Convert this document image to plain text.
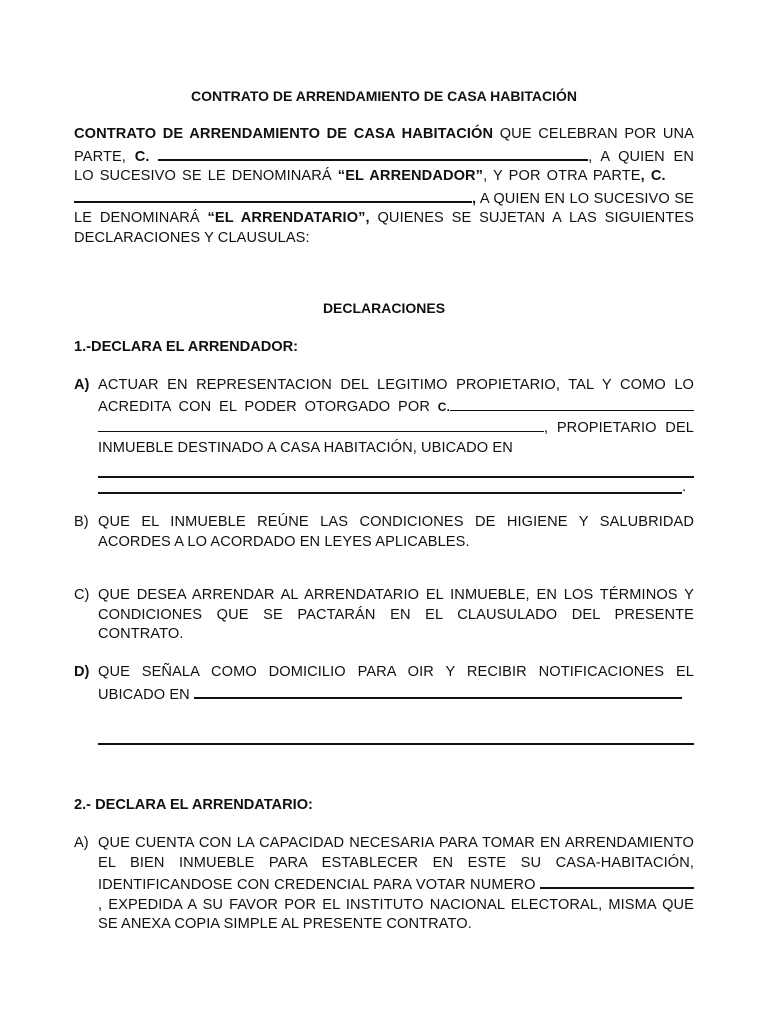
CONTRATO DE ARRENDAMIENTO DE CASA HABITACIÓN
CONTRATO DE ARRENDAMIENTO DE CASA HABITACIÓN QUE CELEBRAN POR UNA PARTE, C.	, A QUIEN EN LO SUCESIVO SE LE DENOMINARÁ “EL ARRENDADOR”, Y POR OTRA PARTE, C.     , A QUIEN EN LO SUCESIVO SE LE DENOMINARÁ “EL ARRENDATARIO”, QUIENES SE SUJETAN A LAS SIGUIENTES DECLARACIONES Y CLAUSULAS:
DECLARACIONES
1.-DECLARA EL ARRENDADOR:
A) ACTUAR EN REPRESENTACION DEL LEGITIMO PROPIETARIO, TAL Y COMO LO ACREDITA CON EL PODER OTORGADO POR C. , PROPIETARIO DEL INMUEBLE DESTINADO A CASA HABITACIÓN, UBICADO EN
.
B) QUE EL INMUEBLE REÚNE LAS CONDICIONES DE HIGIENE Y SALUBRIDAD ACORDES A LO ACORDADO EN LEYES APLICABLES.
C) QUE DESEA ARRENDAR AL ARRENDATARIO EL INMUEBLE, EN LOS TÉRMINOS Y CONDICIONES QUE SE PACTARÁN EN EL CLAUSULADO DEL PRESENTE CONTRATO.
D) QUE SEÑALA COMO DOMICILIO PARA OIR Y RECIBIR NOTIFICACIONES EL UBICADO EN
2.- DECLARA EL ARRENDATARIO:
A) QUE CUENTA CON LA CAPACIDAD NECESARIA PARA TOMAR EN ARRENDAMIENTO EL BIEN INMUEBLE PARA ESTABLECER EN ESTE SU CASA-HABITACIÓN, IDENTIFICANDOSE CON CREDENCIAL PARA VOTAR NUMERO , EXPEDIDA A SU FAVOR POR EL INSTITUTO NACIONAL ELECTORAL, MISMA QUE SE ANEXA COPIA SIMPLE AL PRESENTE CONTRATO.
